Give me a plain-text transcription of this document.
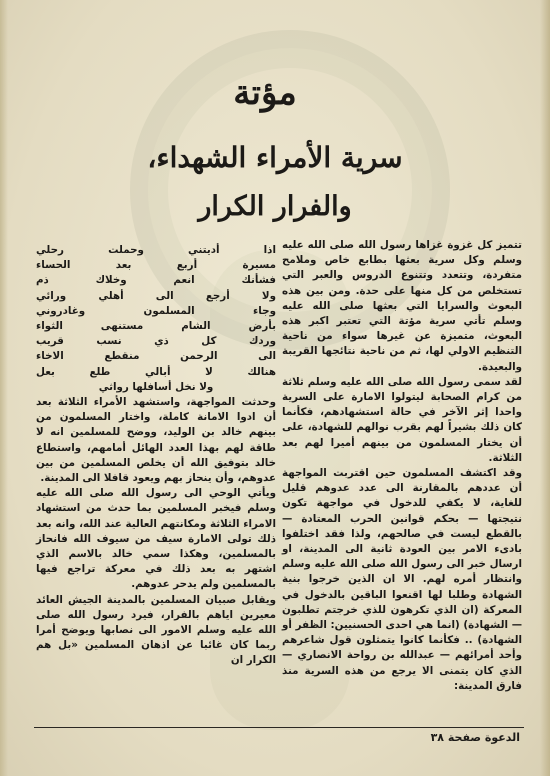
مؤتة
سرية الأمراء الشهداء،
والفرار الكرار

تتميز كل غزوة غزاها رسول الله صلى الله عليه وسلم وكل سرية بعثها بطابع خاص وملامح متفردة، وتتعدد وتتنوع الدروس والعبر التي تستخلص من كل منها على حدة. ومن بين هذه البعوث والسرايا التي بعثها صلى الله عليه وسلم تأتي سرية مؤتة التي تعتبر اكبر هذه البعوث، متميزة عن غيرها سواء من ناحية التنظيم الاولي لها، ثم من ناحية نتائجها القريبة والبعيدة.

لقد سمى رسول الله صلى الله عليه وسلم ثلاثة من كرام الصحابة ليتولوا الامارة على السرية واحدا إثر الآخر في حالة استشهادهم، فكأنما كان ذلك بشيراً لهم بقرب نوالهم للشهادة، على أن يختار المسلمون من بينهم أميرا لهم بعد الثلاثة.

وقد اكتشف المسلمون حين اقتربت المواجهة أن عددهم بالمقارنة الى عدد عدوهم قليل للغاية، لا يكفي للدخول في مواجهة تكون نتيجتها — بحكم قوانين الحرب المعتادة — بالقطع ليست في صالحهم، ولذا فقد اختلفوا بادىء الامر بين العودة ثانية الى المدينة، او ارسال خبر الى رسول الله صلى الله عليه وسلم وانتظار أمره لهم. الا ان الذين خرجوا بنية الشهادة وطلبا لها اقنعوا الباقين بالدخول في المعركة (ان الذي تكرهون للذي خرجتم تطلبون — الشهادة) (انما هي احدى الحسنيين: الظفر أو الشهادة) .. فكأنما كانوا يتمثلون قول شاعرهم وأحد أمرائهم — عبدالله بن رواحة الانصاري — الذي كان يتمنى الا يرجع من هذه السرية منذ فارق المدينة:

اذا أديتني وحملت رحلي
مسيرة أربع بعد الحساء
فشأنك انعم وخلاك ذم
ولا أرجع الى أهلي ورائي
وجاء المسلمون وغادروني
بأرض الشام مستنهى الثواء
وردك كل ذي نسب قريب
الى الرحمن منقطع الاخاء
هنالك لا أبالي طلع بعل
ولا نخل أسافلها رواثي

وحدثت المواجهة، واستشهد الأمراء الثلاثة بعد أن ادوا الامانة كاملة، واختار المسلمون من بينهم خالد بن الوليد، ووضح للمسلمين انه لا طاقة لهم بهذا العدد الهائل أمامهم، واستطاع خالد بتوفيق الله أن يخلص المسلمين من بين عدوهم، وأن ينحاز بهم ويعود قافلا الى المدينة.

ويأتي الوحي الى رسول الله صلى الله عليه وسلم فيخبر المسلمين بما حدث من استشهاد الامراء الثلاثة ومكانتهم العالية عند الله، وانه بعد ذلك تولى الامارة سيف من سيوف الله فانحاز بالمسلمين، وهكذا سمي خالد بالاسم الذي اشتهر به بعد ذلك في معركة تراجع فيها بالمسلمين ولم يدحر عدوهم.

ويقابل صبيان المسلمين بالمدينة الجيش العائد معيرين اياهم بالفرار، فيرد رسول الله صلى الله عليه وسلم الامور الى نصابها ويوضح أمرا ربما كان غائبا عن اذهان المسلمين «بل هم الكرار ان

الدعوة صفحة ٣٨
